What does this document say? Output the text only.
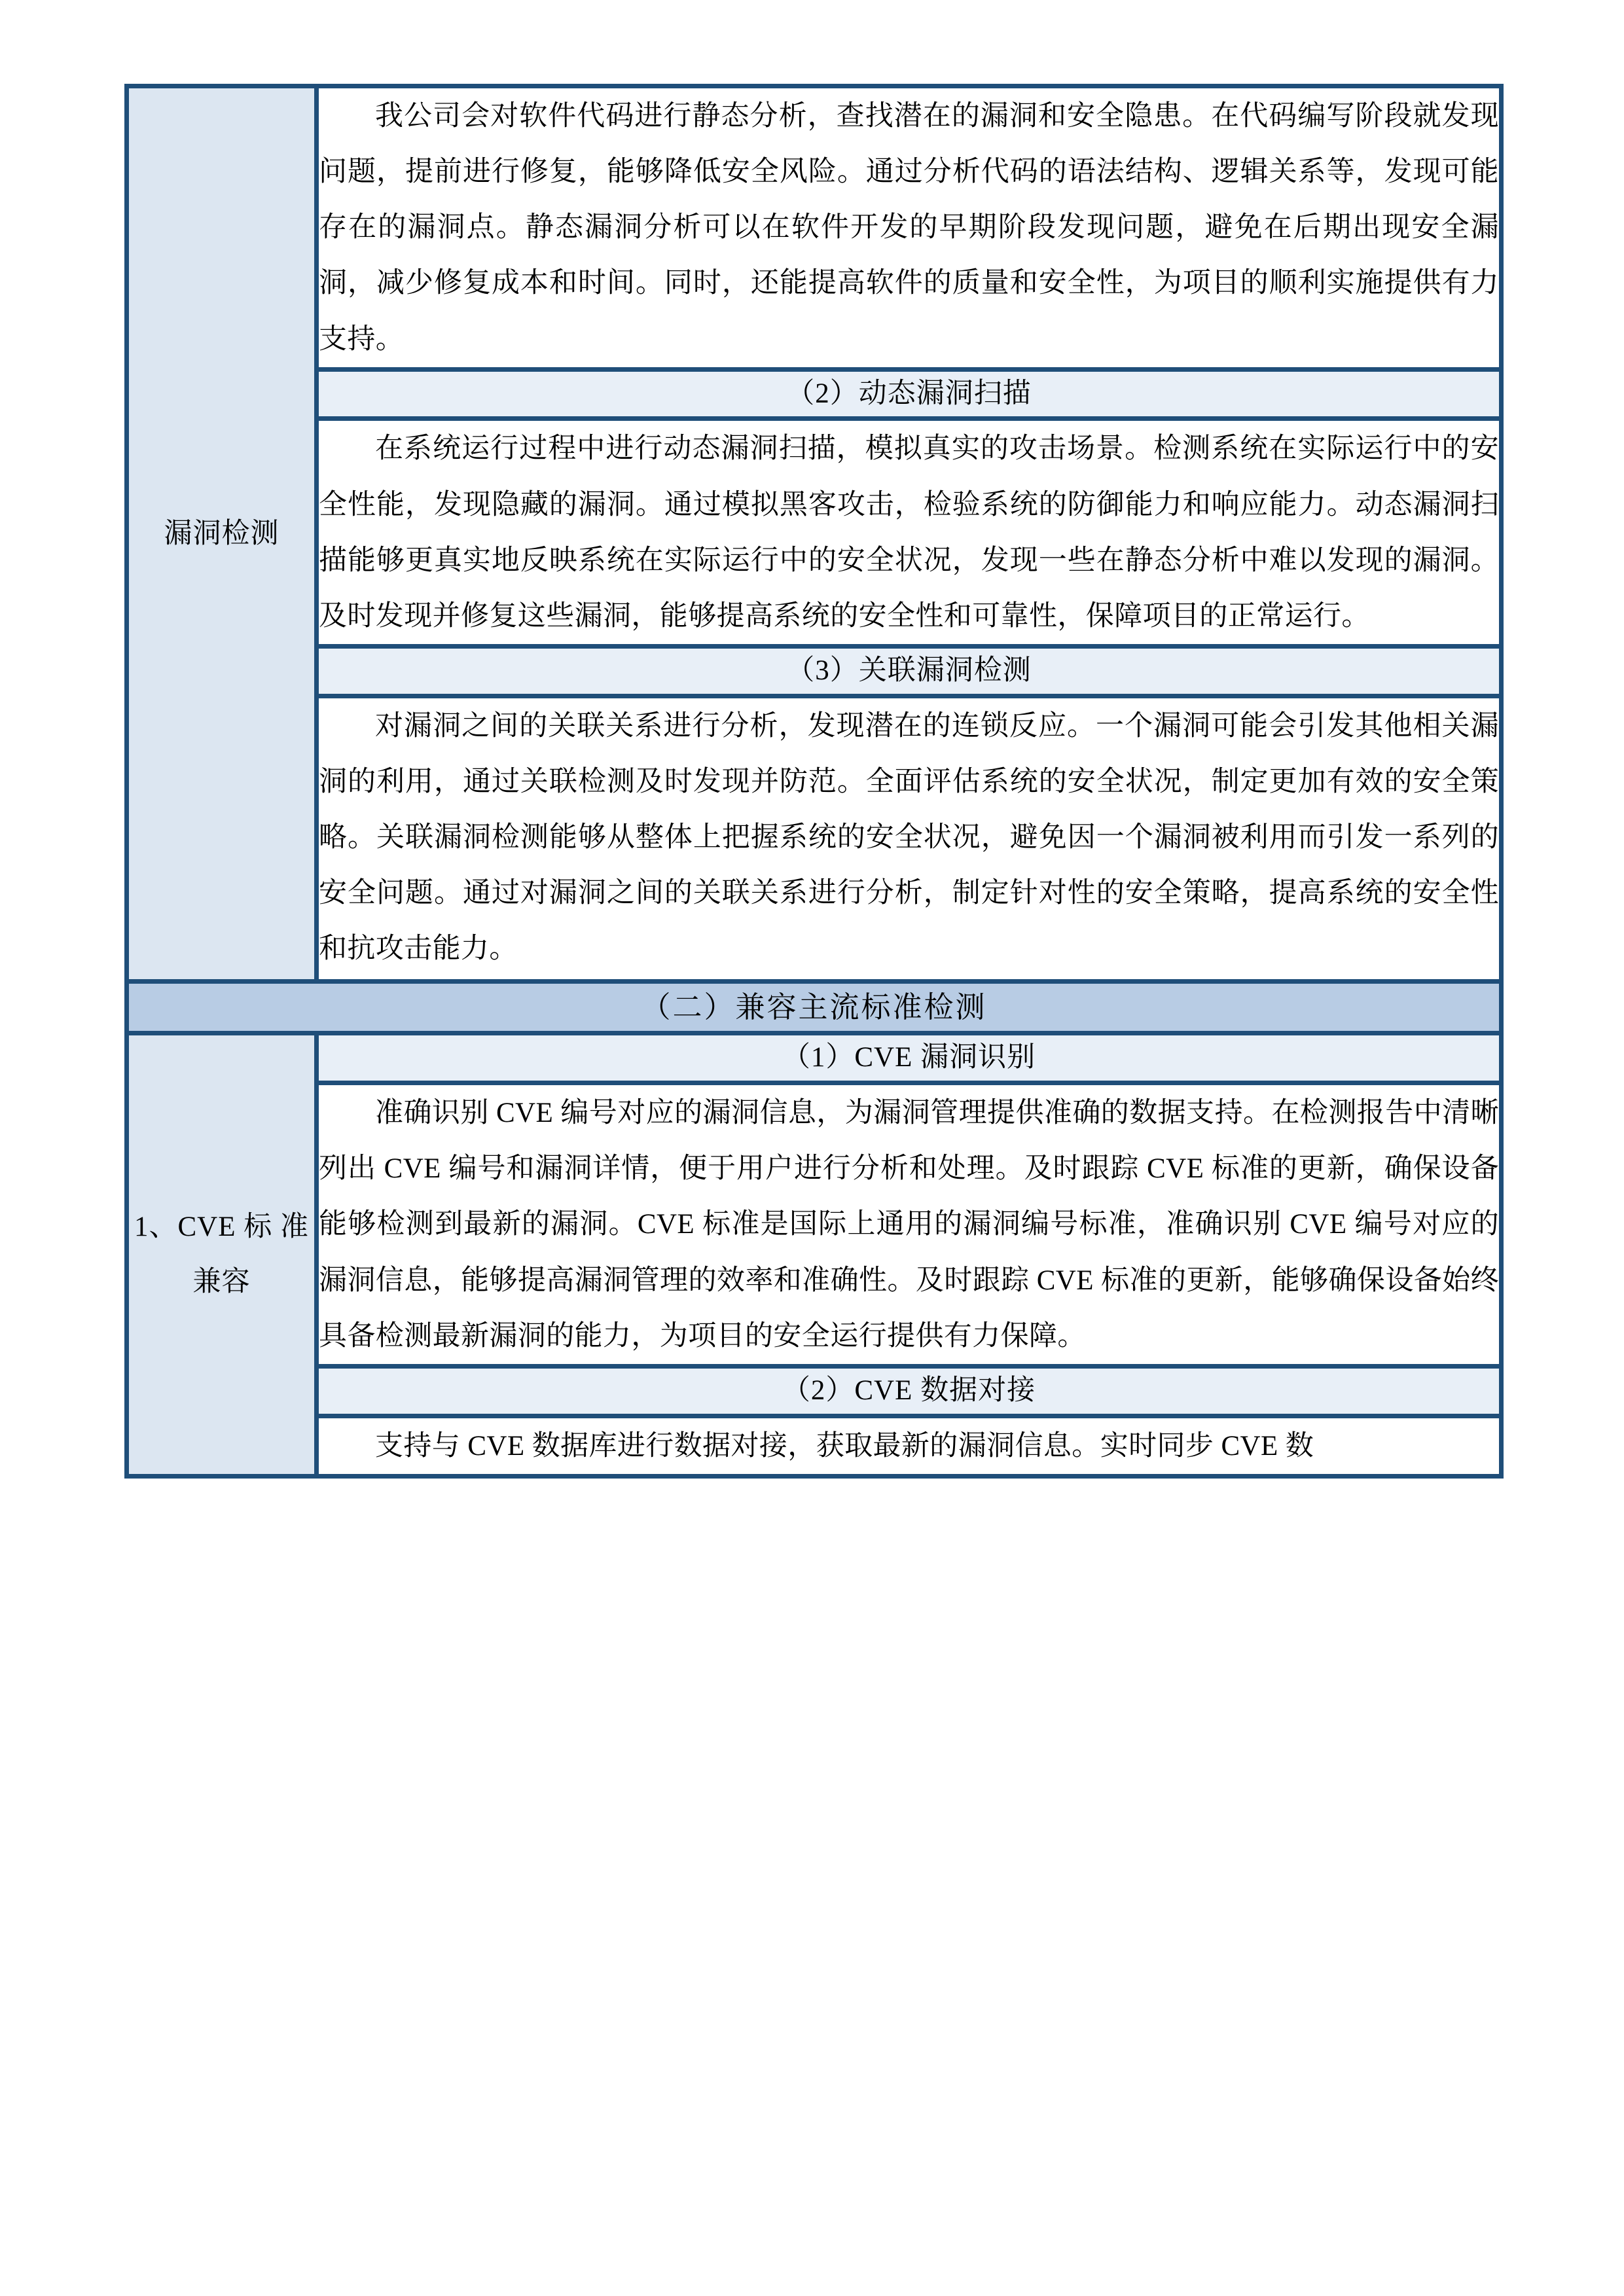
漏洞检测	我公司会对软件代码进行静态分析，查找潜在的漏洞和安全隐患。在代码编写阶段就发现问题，提前进行修复，能够降低安全风险。通过分析代码的语法结构、逻辑关系等，发现可能存在的漏洞点。静态漏洞分析可以在软件开发的早期阶段发现问题，避免在后期出现安全漏洞，减少修复成本和时间。同时，还能提高软件的质量和安全性，为项目的顺利实施提供有力支持。

	（2）动态漏洞扫描

	在系统运行过程中进行动态漏洞扫描，模拟真实的攻击场景。检测系统在实际运行中的安全性能，发现隐藏的漏洞。通过模拟黑客攻击，检验系统的防御能力和响应能力。动态漏洞扫描能够更真实地反映系统在实际运行中的安全状况，发现一些在静态分析中难以发现的漏洞。及时发现并修复这些漏洞，能够提高系统的安全性和可靠性，保障项目的正常运行。

	（3）关联漏洞检测

	对漏洞之间的关联关系进行分析，发现潜在的连锁反应。一个漏洞可能会引发其他相关漏洞的利用，通过关联检测及时发现并防范。全面评估系统的安全状况，制定更加有效的安全策略。关联漏洞检测能够从整体上把握系统的安全状况，避免因一个漏洞被利用而引发一系列的安全问题。通过对漏洞之间的关联关系进行分析，制定针对性的安全策略，提高系统的安全性和抗攻击能力。

（二）兼容主流标准检测	

1、CVE 标 准兼容	（1）CVE 漏洞识别

	准确识别 CVE 编号对应的漏洞信息，为漏洞管理提供准确的数据支持。在检测报告中清晰列出 CVE 编号和漏洞详情，便于用户进行分析和处理。及时跟踪 CVE 标准的更新，确保设备能够检测到最新的漏洞。CVE 标准是国际上通用的漏洞编号标准，准确识别 CVE 编号对应的漏洞信息，能够提高漏洞管理的效率和准确性。及时跟踪 CVE 标准的更新，能够确保设备始终具备检测最新漏洞的能力，为项目的安全运行提供有力保障。

	（2）CVE 数据对接

	支持与 CVE 数据库进行数据对接，获取最新的漏洞信息。实时同步 CVE 数
